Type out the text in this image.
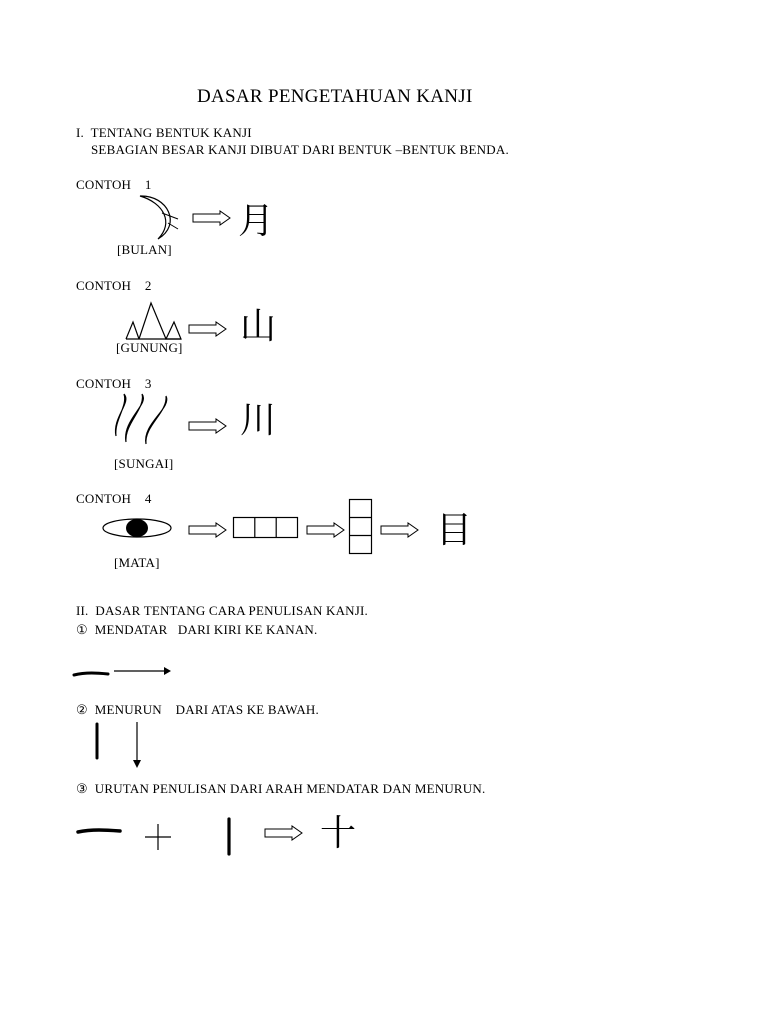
DASAR PENGETAHUAN KANJI
I.  TENTANG BENTUK KANJI
SEBAGIAN BESAR KANJI DIBUAT DARI BENTUK –BENTUK BENDA.
CONTOH    1
月
[BULAN]
CONTOH    2
山
[GUNUNG]
CONTOH    3
川
[SUNGAI]
CONTOH    4
目
[MATA]
II.  DASAR TENTANG CARA PENULISAN KANJI.
①  MENDATAR   DARI KIRI KE KANAN.
②  MENURUN    DARI ATAS KE BAWAH.
③  URUTAN PENULISAN DARI ARAH MENDATAR DAN MENURUN.
十
